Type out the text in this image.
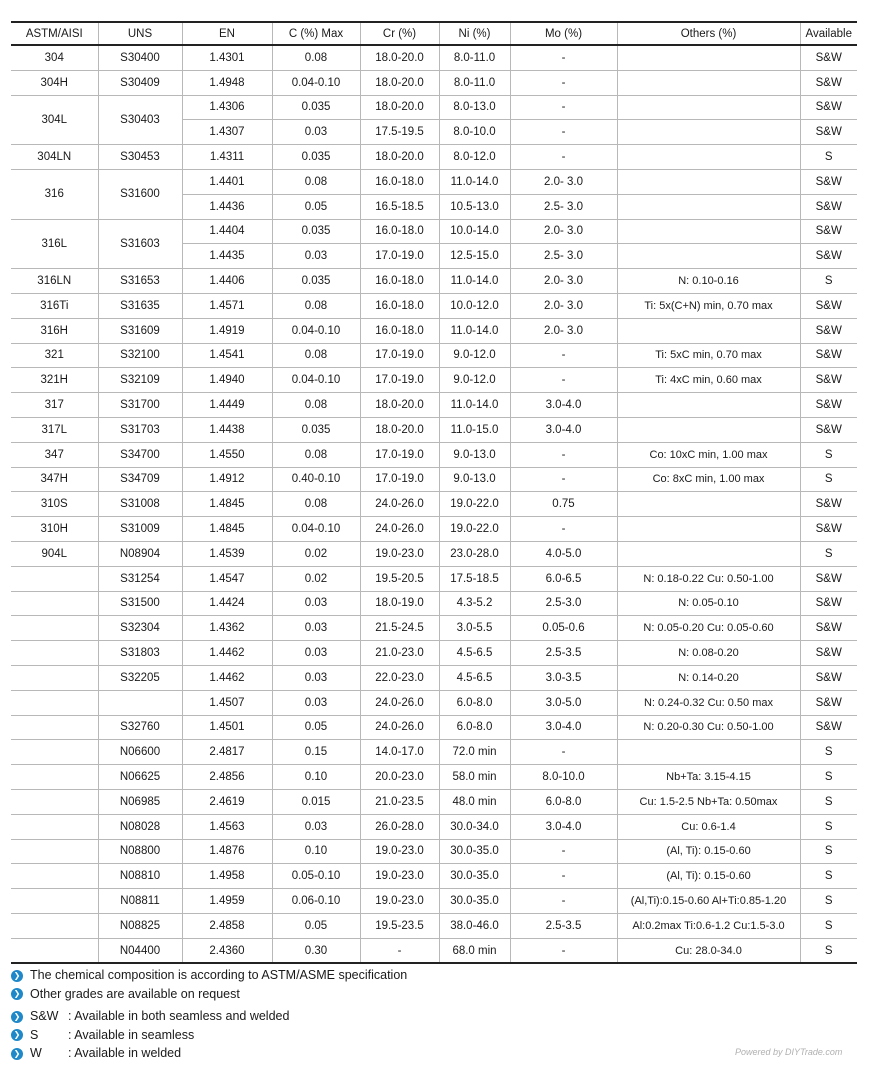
ASTM/AISI	UNS	EN	C (%) Max	Cr (%)	Ni (%)	Mo (%)	Others (%)	Available
304	S30400	1.4301	0.08	18.0-20.0	8.0-11.0	-		S&W
304H	S30409	1.4948	0.04-0.10	18.0-20.0	8.0-11.0	-		S&W
304L	S30403	1.4306	0.035	18.0-20.0	8.0-13.0	-		S&W
		1.4307	0.03	17.5-19.5	8.0-10.0	-		S&W
304LN	S30453	1.4311	0.035	18.0-20.0	8.0-12.0	-		S
316	S31600	1.4401	0.08	16.0-18.0	11.0-14.0	2.0- 3.0		S&W
		1.4436	0.05	16.5-18.5	10.5-13.0	2.5- 3.0		S&W
316L	S31603	1.4404	0.035	16.0-18.0	10.0-14.0	2.0- 3.0		S&W
		1.4435	0.03	17.0-19.0	12.5-15.0	2.5- 3.0		S&W
316LN	S31653	1.4406	0.035	16.0-18.0	11.0-14.0	2.0- 3.0	N: 0.10-0.16	S
316Ti	S31635	1.4571	0.08	16.0-18.0	10.0-12.0	2.0- 3.0	Ti: 5x(C+N) min, 0.70 max	S&W
316H	S31609	1.4919	0.04-0.10	16.0-18.0	11.0-14.0	2.0- 3.0		S&W
321	S32100	1.4541	0.08	17.0-19.0	9.0-12.0	-	Ti: 5xC min, 0.70 max	S&W
321H	S32109	1.4940	0.04-0.10	17.0-19.0	9.0-12.0	-	Ti: 4xC min, 0.60 max	S&W
317	S31700	1.4449	0.08	18.0-20.0	11.0-14.0	3.0-4.0		S&W
317L	S31703	1.4438	0.035	18.0-20.0	11.0-15.0	3.0-4.0		S&W
347	S34700	1.4550	0.08	17.0-19.0	9.0-13.0	-	Co: 10xC min, 1.00 max	S
347H	S34709	1.4912	0.40-0.10	17.0-19.0	9.0-13.0	-	Co: 8xC min, 1.00 max	S
310S	S31008	1.4845	0.08	24.0-26.0	19.0-22.0	0.75		S&W
310H	S31009	1.4845	0.04-0.10	24.0-26.0	19.0-22.0	-		S&W
904L	N08904	1.4539	0.02	19.0-23.0	23.0-28.0	4.0-5.0		S
	S31254	1.4547	0.02	19.5-20.5	17.5-18.5	6.0-6.5	N: 0.18-0.22 Cu: 0.50-1.00	S&W
	S31500	1.4424	0.03	18.0-19.0	4.3-5.2	2.5-3.0	N: 0.05-0.10	S&W
	S32304	1.4362	0.03	21.5-24.5	3.0-5.5	0.05-0.6	N: 0.05-0.20 Cu: 0.05-0.60	S&W
	S31803	1.4462	0.03	21.0-23.0	4.5-6.5	2.5-3.5	N: 0.08-0.20	S&W
	S32205	1.4462	0.03	22.0-23.0	4.5-6.5	3.0-3.5	N: 0.14-0.20	S&W
		1.4507	0.03	24.0-26.0	6.0-8.0	3.0-5.0	N: 0.24-0.32 Cu: 0.50 max	S&W
	S32760	1.4501	0.05	24.0-26.0	6.0-8.0	3.0-4.0	N: 0.20-0.30 Cu: 0.50-1.00	S&W
	N06600	2.4817	0.15	14.0-17.0	72.0 min	-		S
	N06625	2.4856	0.10	20.0-23.0	58.0 min	8.0-10.0	Nb+Ta: 3.15-4.15	S
	N06985	2.4619	0.015	21.0-23.5	48.0 min	6.0-8.0	Cu: 1.5-2.5 Nb+Ta: 0.50max	S
	N08028	1.4563	0.03	26.0-28.0	30.0-34.0	3.0-4.0	Cu: 0.6-1.4	S
	N08800	1.4876	0.10	19.0-23.0	30.0-35.0	-	(Al, Ti): 0.15-0.60	S
	N08810	1.4958	0.05-0.10	19.0-23.0	30.0-35.0	-	(Al, Ti): 0.15-0.60	S
	N08811	1.4959	0.06-0.10	19.0-23.0	30.0-35.0	-	(Al,Ti):0.15-0.60 Al+Ti:0.85-1.20	S
	N08825	2.4858	0.05	19.5-23.5	38.0-46.0	2.5-3.5	Al:0.2max Ti:0.6-1.2 Cu:1.5-3.0	S
	N04400	2.4360	0.30	-	68.0 min	-	Cu: 28.0-34.0	S
❯ The chemical composition is according to ASTM/ASME specification
❯ Other grades are available on request
❯ S&W : Available in both seamless and welded
❯ S : Available in seamless
❯ W : Available in welded	Powered by DIYTrade.com
